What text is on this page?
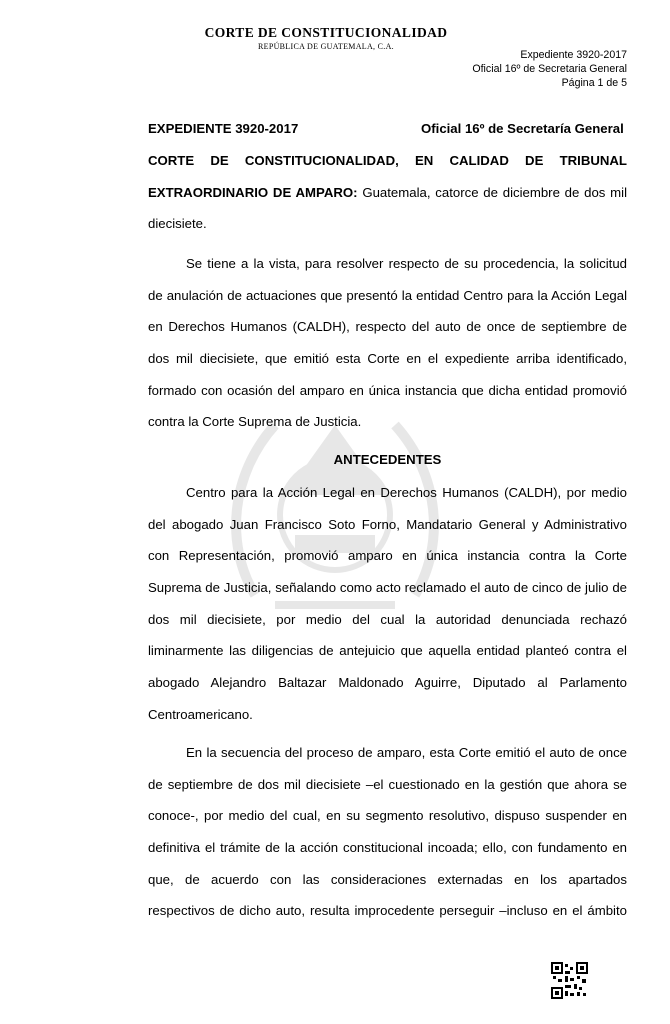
CORTE DE CONSTITUCIONALIDAD
REPÚBLICA DE GUATEMALA, C.A.
Expediente 3920-2017
Oficial 16º de Secretaria General
Página 1 de 5
EXPEDIENTE 3920-2017	Oficial 16º de Secretaría General
CORTE DE CONSTITUCIONALIDAD, EN CALIDAD DE TRIBUNAL
EXTRAORDINARIO DE AMPARO: Guatemala, catorce de diciembre de dos mil
diecisiete.
Se tiene a la vista, para resolver respecto de su procedencia, la solicitud
de anulación de actuaciones que presentó la entidad Centro para la Acción Legal
en Derechos Humanos (CALDH), respecto del auto de once de septiembre de
dos mil diecisiete, que emitió esta Corte en el expediente arriba identificado,
formado con ocasión del amparo en única instancia que dicha entidad promovió
contra la Corte Suprema de Justicia.
ANTECEDENTES
Centro para la Acción Legal en Derechos Humanos (CALDH), por medio
del abogado Juan Francisco Soto Forno, Mandatario General y Administrativo
con Representación, promovió amparo en única instancia contra la Corte
Suprema de Justicia, señalando como acto reclamado el auto de cinco de julio de
dos mil diecisiete, por medio del cual la autoridad denunciada rechazó
liminarmente las diligencias de antejuicio que aquella entidad planteó contra el
abogado Alejandro Baltazar Maldonado Aguirre, Diputado al Parlamento
Centroamericano.
En la secuencia del proceso de amparo, esta Corte emitió el auto de once
de septiembre de dos mil diecisiete –el cuestionado en la gestión que ahora se
conoce-, por medio del cual, en su segmento resolutivo, dispuso suspender en
definitiva el trámite de la acción constitucional incoada; ello, con fundamento en
que, de acuerdo con las consideraciones externadas en los apartados
respectivos de dicho auto, resulta improcedente perseguir –incluso en el ámbito
